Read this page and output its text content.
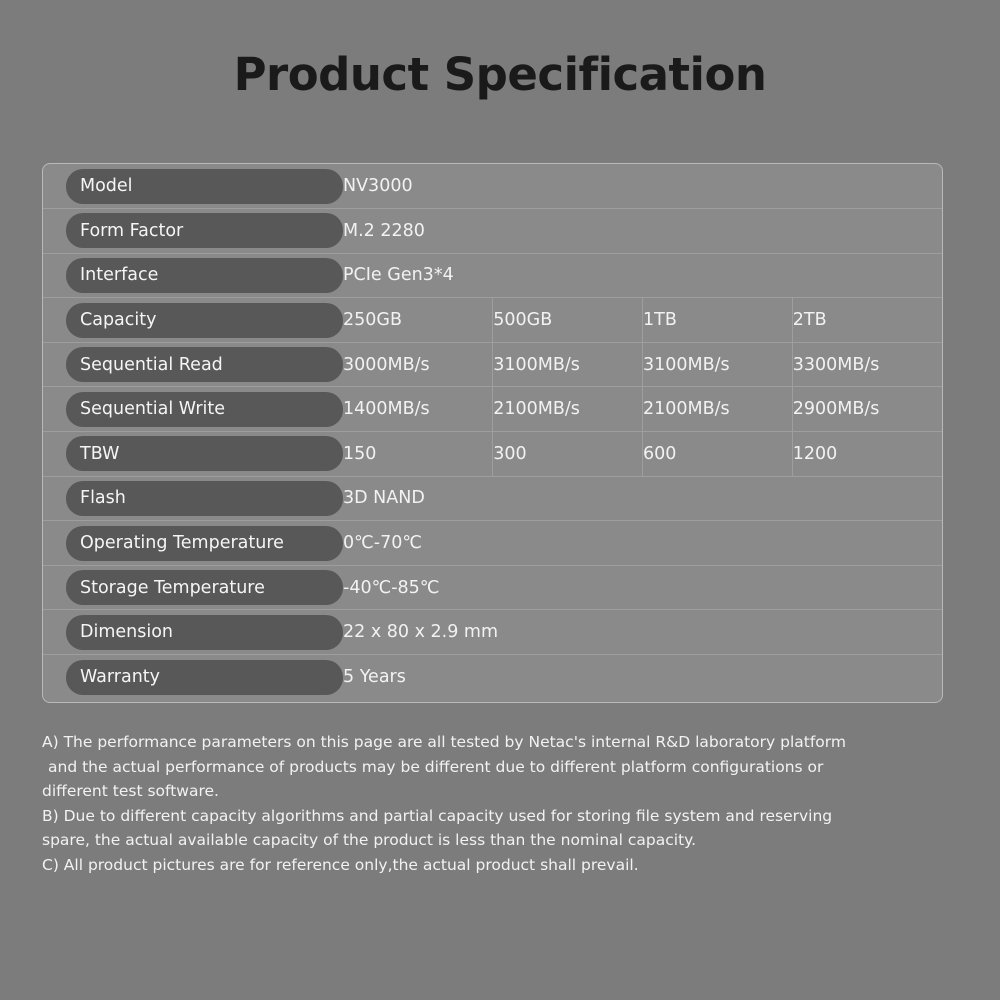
Product Specification
Model	NV3000			

Form Factor	M.2 2280			

Interface	PCIe Gen3*4			

Capacity	250GB	500GB	1TB	2TB

Sequential Read	3000MB/s	3100MB/s	3100MB/s	3300MB/s

Sequential Write	1400MB/s	2100MB/s	2100MB/s	2900MB/s

TBW	150	300	600	1200

Flash	3D NAND			

Operating Temperature	0℃-70℃			

Storage Temperature	-40℃-85℃			

Dimension	22 x 80 x 2.9 mm			

Warranty	5 Years			

A) The performance parameters on this page are all tested by Netac's internal R&D laboratory platform

and the actual performance of products may be different due to different platform configurations or

different test software.

B) Due to different capacity algorithms and partial capacity used for storing file system and reserving

spare, the actual available capacity of the product is less than the nominal capacity.

C) All product pictures are for reference only,the actual product shall prevail.
